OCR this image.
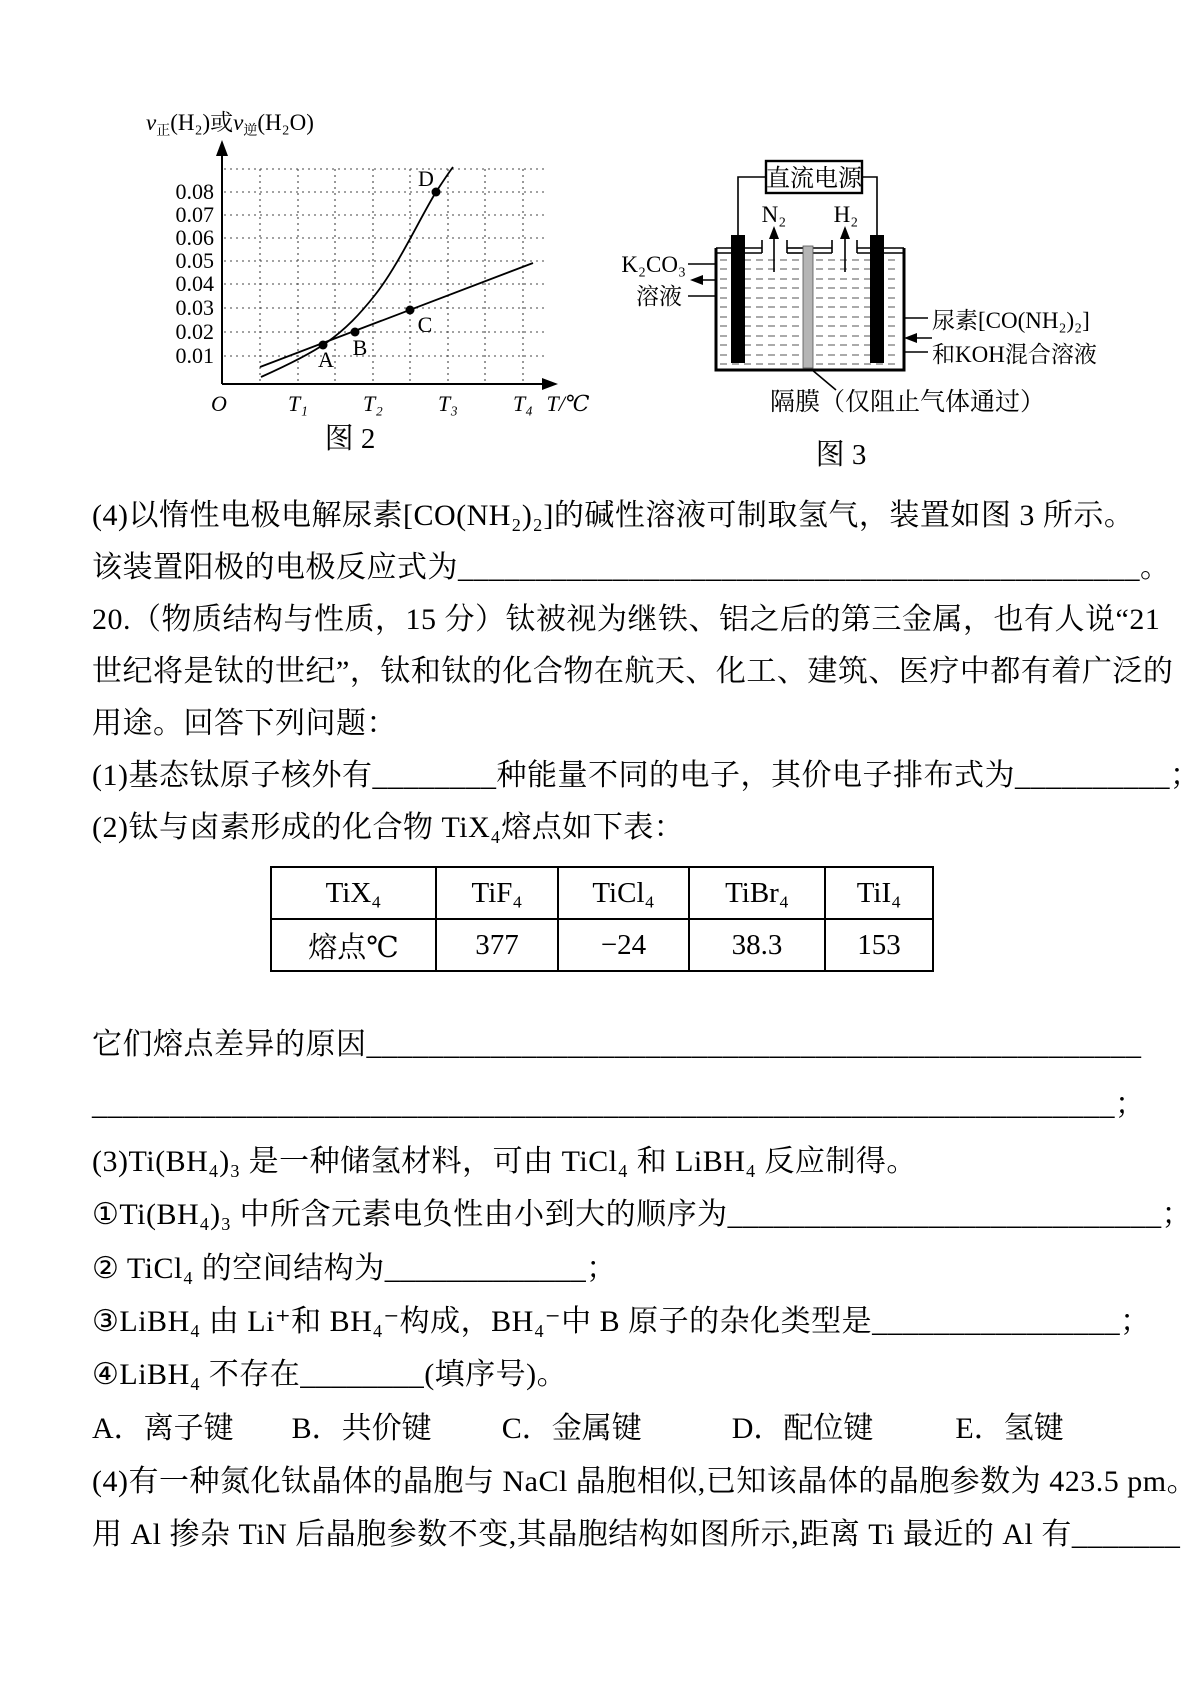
$v_正(H_2)$或$v_逆(H_2O)$
0.08
0.07
0.06
0.05
0.04
0.03
0.02
0.01
O	T₁	T₂	T₃	T₄ T/℃
A B
C
D
图 2
直流电源
N₂ H₂
K₂CO₃
溶液
尿素[CO(NH₂)₂]
和KOH混合溶液
隔膜（仅阻止气体通过）
图 3
(4)以惰性电极电解尿素[CO(NH₂)₂]的碱性溶液可制取氢气，装置如图 3 所示。
该装置阳极的电极反应式为____________________________________________。
20.（物质结构与性质，15 分）钛被视为继铁、铝之后的第三金属，也有人说“21
世纪将是钛的世纪”，钛和钛的化合物在航天、化工、建筑、医疗中都有着广泛的
用途。回答下列问题：
(1)基态钛原子核外有________种能量不同的电子，其价电子排布式为__________；
(2)钛与卤素形成的化合物 TiX₄熔点如下表：
TiX₄	TiF₄	TiCl₄	TiBr₄	TiI₄
熔点℃	377	−24	38.3	153
它们熔点差异的原因__________________________________________________
__________________________________________________________________；
(3)Ti(BH₄)₃ 是一种储氢材料，可由 TiCl₄ 和 LiBH₄ 反应制得。
①Ti(BH₄)₃ 中所含元素电负性由小到大的顺序为____________________________；
② TiCl₄ 的空间结构为_____________；
③LiBH₄ 由 Li⁺和 BH₄⁻构成，BH₄⁻中 B 原子的杂化类型是________________；
④LiBH₄ 不存在________(填序号)。
A．离子键 B．共价键 C．金属键	D．配位键	E．氢键
(4)有一种氮化钛晶体的晶胞与 NaCl 晶胞相似,已知该晶体的晶胞参数为 423.5 pm。
用 Al 掺杂 TiN 后晶胞参数不变,其晶胞结构如图所示,距离 Ti 最近的 Al 有_______
